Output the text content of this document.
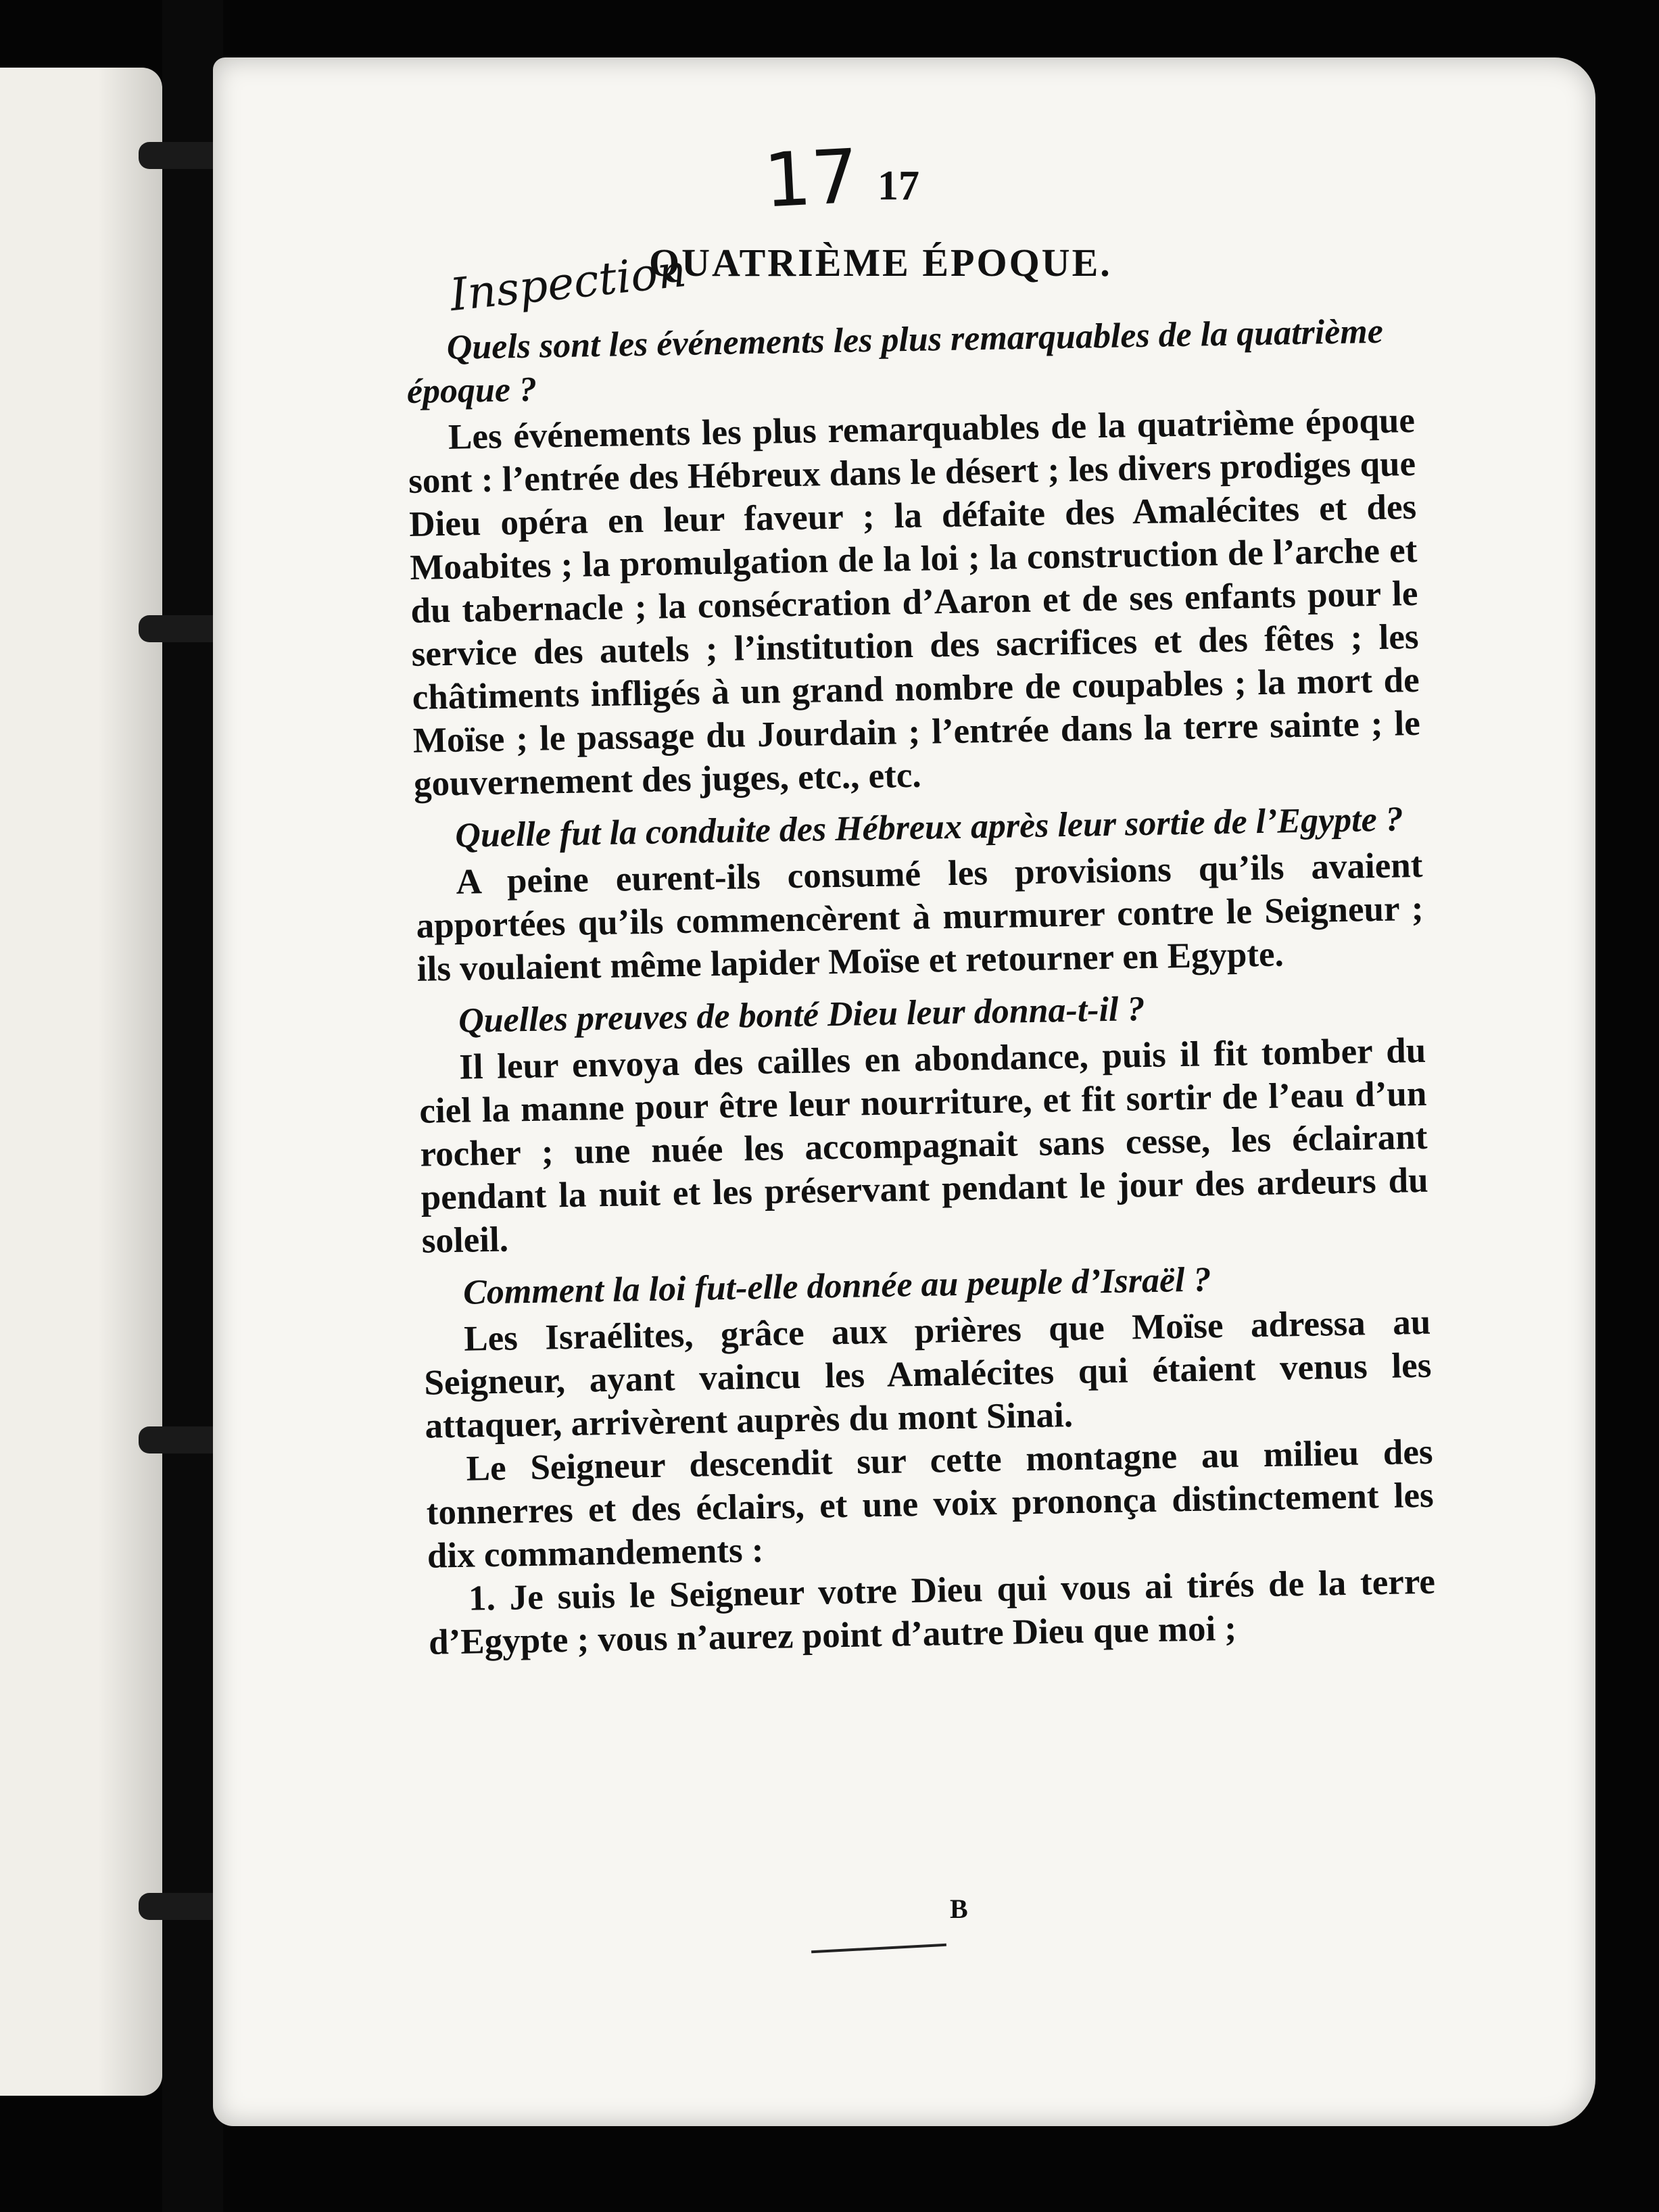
17 17
Inspection
QUATRIÈME ÉPOQUE.

Quels sont les événements les plus remarquables de la quatrième époque ?

Les événements les plus remarquables de la quatrième époque sont : l’entrée des Hébreux dans le désert ; les divers prodiges que Dieu opéra en leur faveur ; la défaite des Amalécites et des Moabites ; la promulgation de la loi ; la construction de l’arche et du tabernacle ; la consécration d’Aaron et de ses enfants pour le service des autels ; l’institution des sacrifices et des fêtes ; les châtiments infligés à un grand nombre de coupables ; la mort de Moïse ; le passage du Jourdain ; l’entrée dans la terre sainte ; le gouvernement des juges, etc., etc.

Quelle fut la conduite des Hébreux après leur sortie de l’Egypte ?

A peine eurent-ils consumé les provisions qu’ils avaient apportées qu’ils commencèrent à murmurer contre le Seigneur ; ils voulaient même lapider Moïse et retourner en Egypte.

Quelles preuves de bonté Dieu leur donna-t-il ?

Il leur envoya des cailles en abondance, puis il fit tomber du ciel la manne pour être leur nourriture, et fit sortir de l’eau d’un rocher ; une nuée les accompagnait sans cesse, les éclairant pendant la nuit et les préservant pendant le jour des ardeurs du soleil.

Comment la loi fut-elle donnée au peuple d’Israël ?

Les Israélites, grâce aux prières que Moïse adressa au Seigneur, ayant vaincu les Amalécites qui étaient venus les attaquer, arrivèrent auprès du mont Sinai.

Le Seigneur descendit sur cette montagne au milieu des tonnerres et des éclairs, et une voix prononça distinctement les dix commandements :

1. Je suis le Seigneur votre Dieu qui vous ai tirés de la terre d’Egypte ; vous n’aurez point d’autre Dieu que moi ;

B
